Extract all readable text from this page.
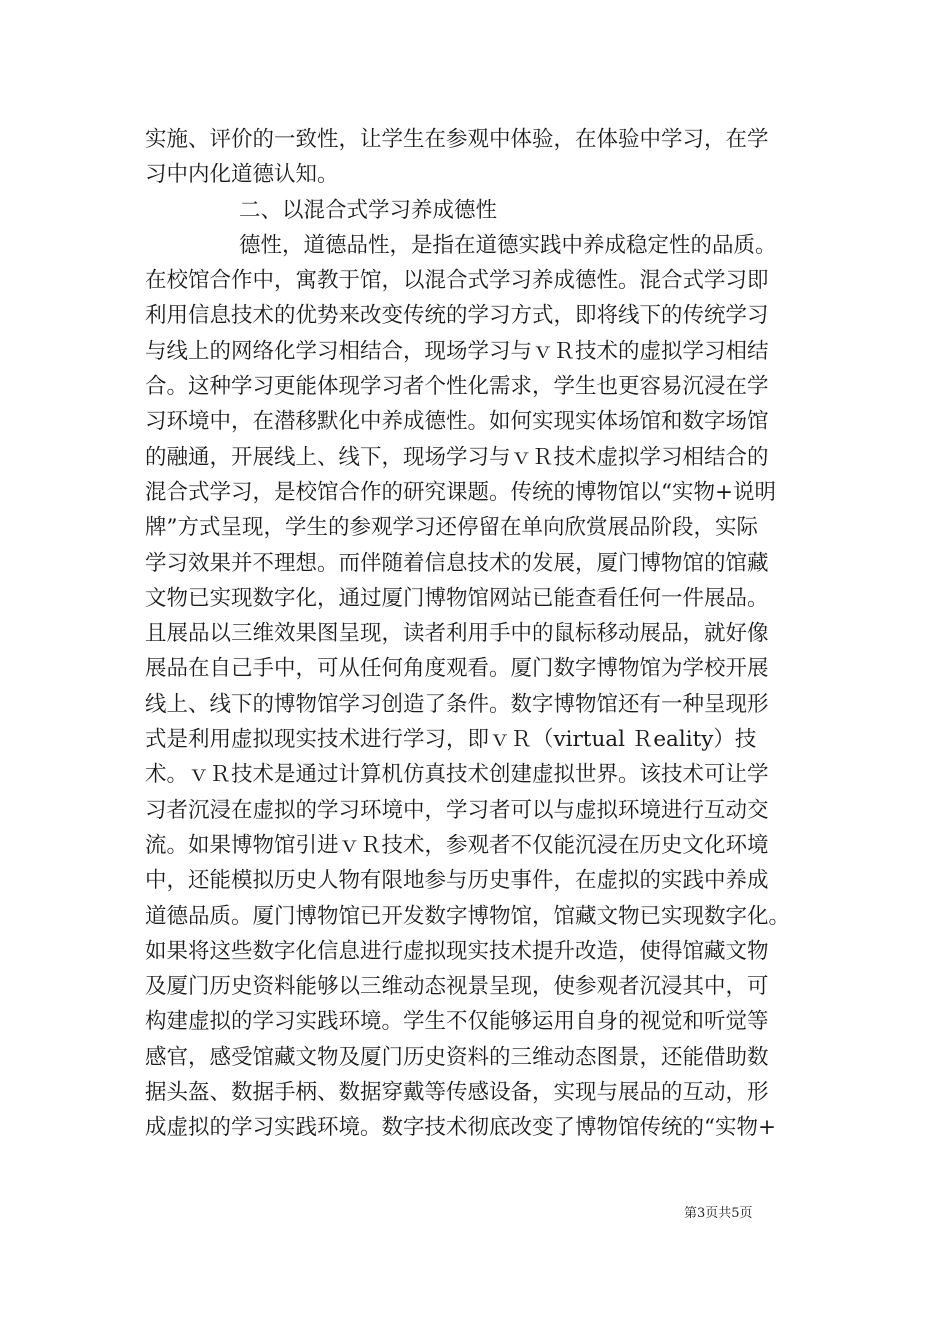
实施、评价的一致性，让学生在参观中体验，在体验中学习，在学
习中内化道德认知。
二、以混合式学习养成德性
德性，道德品性，是指在道德实践中养成稳定性的品质。
在校馆合作中，寓教于馆，以混合式学习养成德性。混合式学习即
利用信息技术的优势来改变传统的学习方式，即将线下的传统学习
与线上的网络化学习相结合，现场学习与ｖＲ技术的虚拟学习相结
合。这种学习更能体现学习者个性化需求，学生也更容易沉浸在学
习环境中，在潜移默化中养成德性。如何实现实体场馆和数字场馆
的融通，开展线上、线下，现场学习与ｖＲ技术虚拟学习相结合的
混合式学习，是校馆合作的研究课题。传统的博物馆以“实物+说明
牌”方式呈现，学生的参观学习还停留在单向欣赏展品阶段，实际
学习效果并不理想。而伴随着信息技术的发展，厦门博物馆的馆藏
文物已实现数字化，通过厦门博物馆网站已能查看任何一件展品。
且展品以三维效果图呈现，读者利用手中的鼠标移动展品，就好像
展品在自己手中，可从任何角度观看。厦门数字博物馆为学校开展
线上、线下的博物馆学习创造了条件。数字博物馆还有一种呈现形
式是利用虚拟现实技术进行学习，即ｖＲ（virtual Ｒeality）技
术。ｖＲ技术是通过计算机仿真技术创建虚拟世界。该技术可让学
习者沉浸在虚拟的学习环境中，学习者可以与虚拟环境进行互动交
流。如果博物馆引进ｖＲ技术，参观者不仅能沉浸在历史文化环境
中，还能模拟历史人物有限地参与历史事件，在虚拟的实践中养成
道德品质。厦门博物馆已开发数字博物馆，馆藏文物已实现数字化。
如果将这些数字化信息进行虚拟现实技术提升改造，使得馆藏文物
及厦门历史资料能够以三维动态视景呈现，使参观者沉浸其中，可
构建虚拟的学习实践环境。学生不仅能够运用自身的视觉和听觉等
感官，感受馆藏文物及厦门历史资料的三维动态图景，还能借助数
据头盔、数据手柄、数据穿戴等传感设备，实现与展品的互动，形
成虚拟的学习实践环境。数字技术彻底改变了博物馆传统的“实物+
第3页共5页
